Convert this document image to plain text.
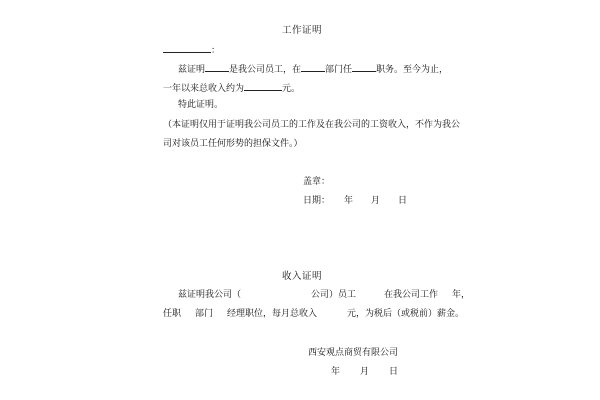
工作证明
：
兹证明	是我公司员工，在	部门任	职务。至今为止，
一年以来总收入约为	元。
特此证明。
（本证明仅用于证明我公司员工的工作及在我公司的工资收入，不作为我公
司对该员工任何形势的担保文件。）
盖章：
日期： 年 月 日
收入证明
兹证明我公司（	公司）员工	在我公司工作 年，
任职 部门 经理职位，每月总收入	元，为税后（或税前）薪金。
西安观点商贸有限公司
年 月 日
